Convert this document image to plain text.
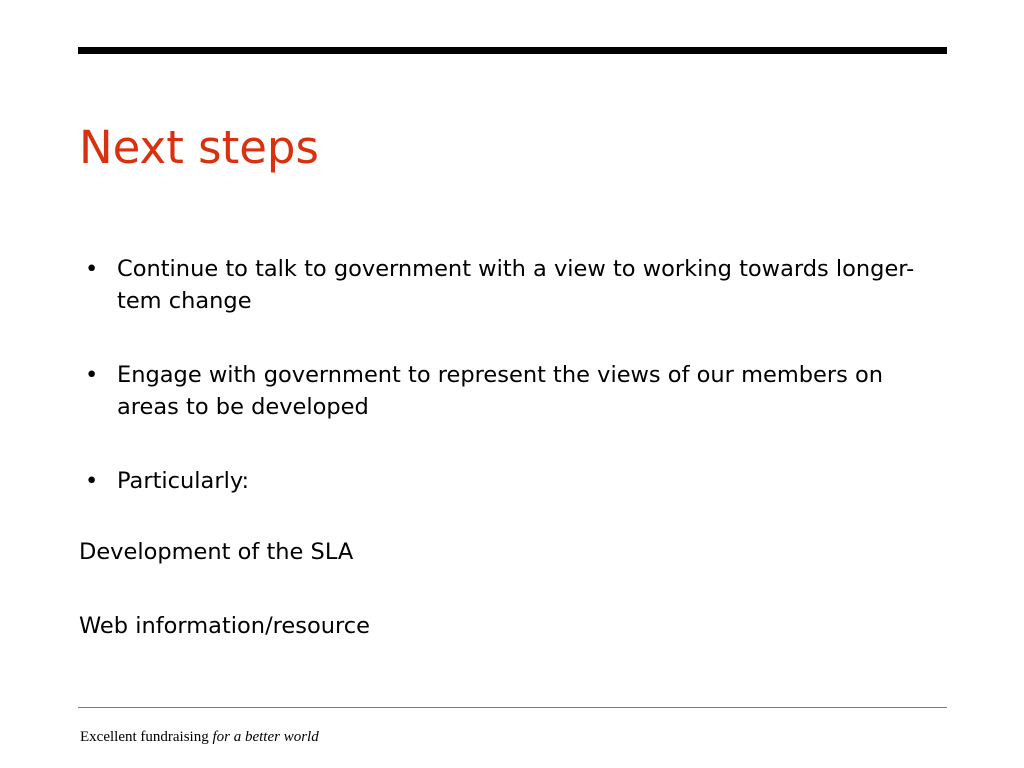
Next steps
• Continue to talk to government with a view to working towards longer-tem change
• Engage with government to represent the views of our members on areas to be developed
• Particularly:

Development of the SLA

Web information/resource

Excellent fundraising for a better world
